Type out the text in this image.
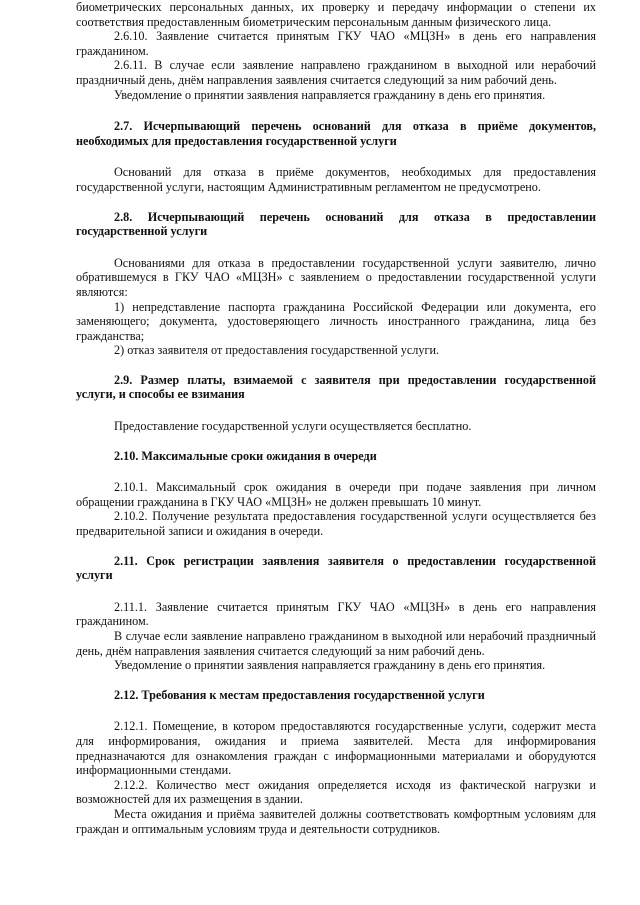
биометрических персональных данных, их проверку и передачу информации о степени их соответствия предоставленным биометрическим персональным данным физического лица.

2.6.10. Заявление считается принятым ГКУ ЧАО «МЦЗН» в день его направления гражданином.

2.6.11. В случае если заявление направлено гражданином в выходной или нерабочий праздничный день, днём направления заявления считается следующий за ним рабочий день.

Уведомление о принятии заявления направляется гражданину в день его принятия.

2.7. Исчерпывающий перечень оснований для отказа в приёме документов, необходимых для предоставления государственной услуги

Оснований для отказа в приёме документов, необходимых для предоставления государственной услуги, настоящим Административным регламентом не предусмотрено.

2.8. Исчерпывающий перечень оснований для отказа в предоставлении государственной услуги

Основаниями для отказа в предоставлении государственной услуги заявителю, лично обратившемуся в ГКУ ЧАО «МЦЗН» с заявлением о предоставлении государственной услуги являются:

1) непредставление паспорта гражданина Российской Федерации или документа, его заменяющего; документа, удостоверяющего личность иностранного гражданина, лица без гражданства;

2) отказ заявителя от предоставления государственной услуги.

2.9. Размер платы, взимаемой с заявителя при предоставлении государственной услуги, и способы ее взимания

Предоставление государственной услуги осуществляется бесплатно.

2.10. Максимальные сроки ожидания в очереди

2.10.1. Максимальный срок ожидания в очереди при подаче заявления при личном обращении гражданина в ГКУ ЧАО «МЦЗН» не должен превышать 10 минут.

2.10.2. Получение результата предоставления государственной услуги осуществляется без предварительной записи и ожидания в очереди.

2.11. Срок регистрации заявления заявителя о предоставлении государственной услуги

2.11.1. Заявление считается принятым ГКУ ЧАО «МЦЗН» в день его направления гражданином.

В случае если заявление направлено гражданином в выходной или нерабочий праздничный день, днём направления заявления считается следующий за ним рабочий день.

Уведомление о принятии заявления направляется гражданину в день его принятия.

2.12. Требования к местам предоставления государственной услуги

2.12.1. Помещение, в котором предоставляются государственные услуги, содержит места для информирования, ожидания и приема заявителей. Места для информирования предназначаются для ознакомления граждан с информационными материалами и оборудуются информационными стендами.

2.12.2. Количество мест ожидания определяется исходя из фактической нагрузки и возможностей для их размещения в здании.

Места ожидания и приёма заявителей должны соответствовать комфортным условиям для граждан и оптимальным условиям труда и деятельности сотрудников.
